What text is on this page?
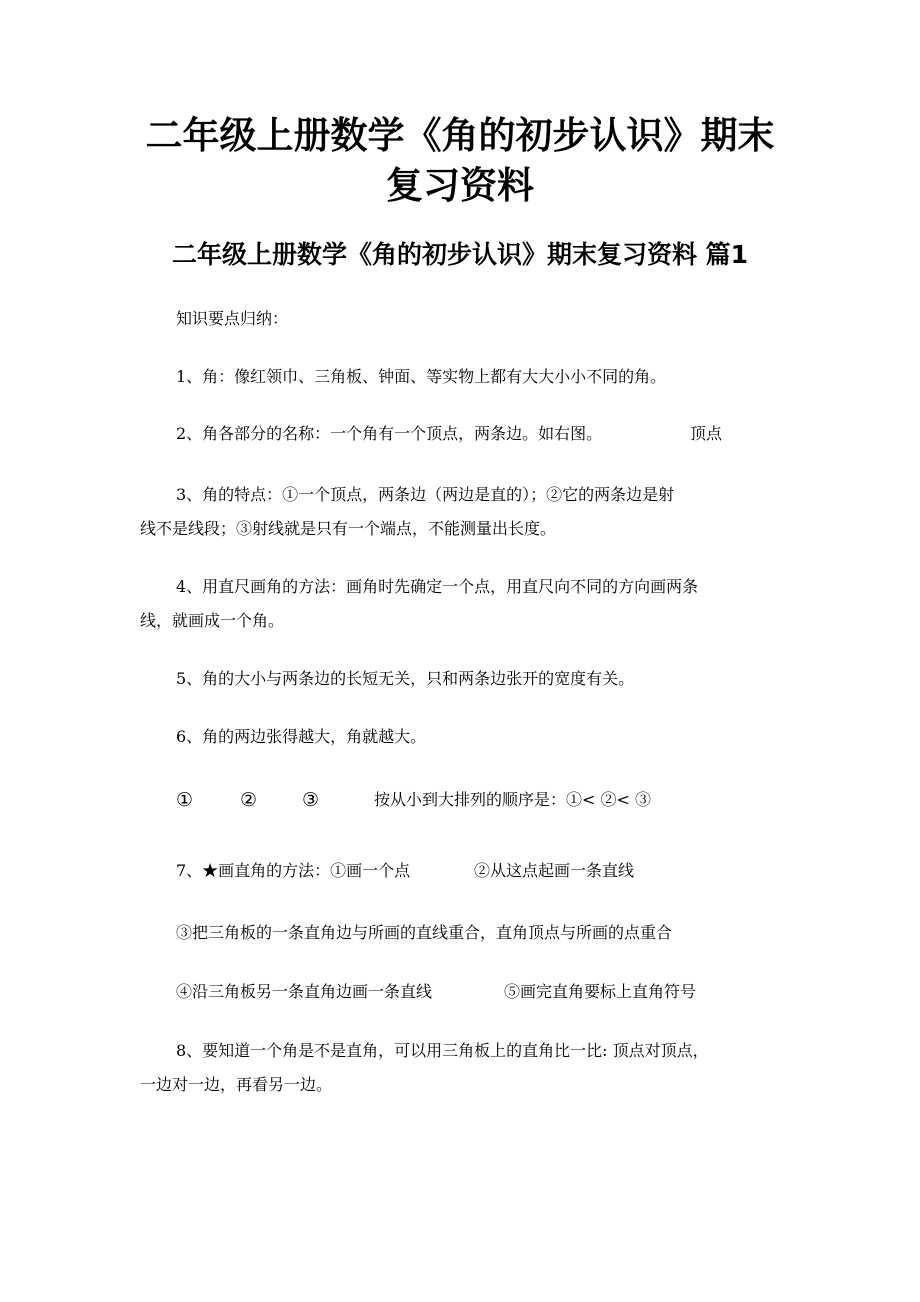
二年级上册数学《角的初步认识》期末
复习资料
二年级上册数学《角的初步认识》期末复习资料 篇1

知识要点归纳：

1、角：像红领巾、三角板、钟面、等实物上都有大大小小不同的角。

2、角各部分的名称：一个角有一个顶点，两条边。如右图。	顶点

3、角的特点：①一个顶点，两条边（两边是直的）；②它的两条边是射

线不是线段；③射线就是只有一个端点，不能测量出长度。

4、用直尺画角的方法：画角时先确定一个点，用直尺向不同的方向画两条

线，就画成一个角。

5、角的大小与两条边的长短无关，只和两条边张开的宽度有关。

6、角的两边张得越大，角就越大。

① ② ③	按从小到大排列的顺序是：①< ②< ③
7、★画直角的方法：①画一个点	②从这点起画一条直线
③把三角板的一条直角边与所画的直线重合，直角顶点与所画的点重合
④沿三角板另一条直角边画一条直线	⑤画完直角要标上直角符号

8、要知道一个角是不是直角，可以用三角板上的直角比一比: 顶点对顶点，

一边对一边，再看另一边。
